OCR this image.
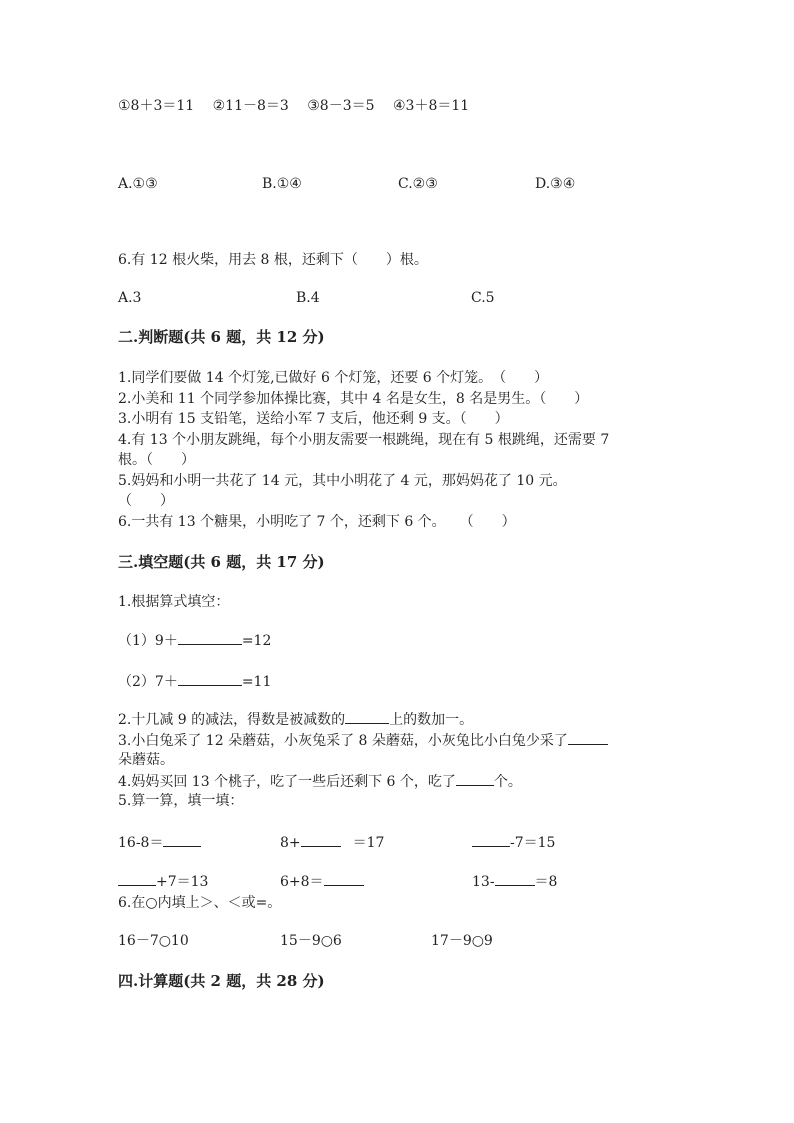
①8＋3＝11　 ②11－8＝3　 ③8－3＝5　 ④3＋8＝11
A.①③	B.①④	C.②③	D.③④
6.有 12 根火柴，用去 8 根，还剩下（　　）根。
A.3	B.4	C.5
二.判断题(共 6 题，共 12 分)
1.同学们要做 14 个灯笼,已做好 6 个灯笼，还要 6 个灯笼。　（　　）
2.小美和 11 个同学参加体操比赛，其中 4 名是女生，8 名是男生。（　　）
3.小明有 15 支铅笔，送给小军 7 支后，他还剩 9 支。（　　）
4.有 13 个小朋友跳绳，每个小朋友需要一根跳绳，现在有 5 根跳绳，还需要 7
根。（　　）
5.妈妈和小明一共花了 14 元，其中小明花了 4 元，那妈妈花了 10 元。
（　　）
6.一共有 13 个糖果，小明吃了 7 个，还剩下 6 个。　　（　　）
三.填空题(共 6 题，共 17 分)
1.根据算式填空：
（1）9＋	=12
（2）7＋	=11
2.十几减 9 的减法，得数是被减数的	上的数加一。
3.小白兔采了 12 朵蘑菇，小灰兔采了 8 朵蘑菇，小灰兔比小白兔少采了
朵蘑菇。
4.妈妈买回 13 个桃子，吃了一些后还剩下 6 个，吃了	个。
5.算一算，填一填：
16-8＝	8+	＝17	-7＝15
+7＝13	6+8＝	13-	＝8
6.在○内填上＞、＜或=。
16－7○10	15－9○6	17－9○9
四.计算题(共 2 题，共 28 分)
